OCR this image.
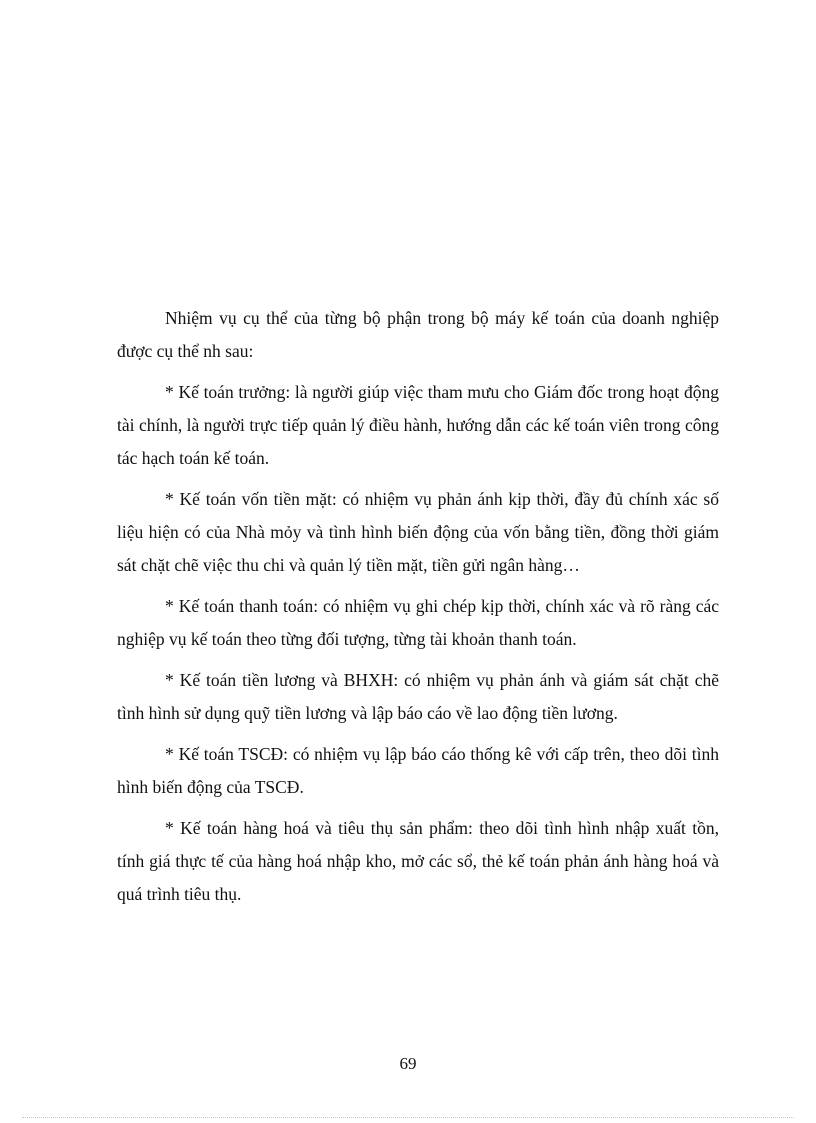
Nhiệm vụ cụ thể của từng bộ phận trong bộ máy kế toán của doanh nghiệp được cụ thể nh sau:

* Kế toán trưởng: là người giúp việc tham mưu cho Giám đốc trong hoạt động tài chính, là người trực tiếp quản lý điều hành, hướng dẫn các kế toán viên trong công tác hạch toán kế toán.

* Kế toán vốn tiền mặt: có nhiệm vụ phản ánh kịp thời, đầy đủ chính xác số liệu hiện có của Nhà mỏy và tình hình biến động của vốn bằng tiền, đồng thời giám sát chặt chẽ việc thu chi và quản lý tiền mặt, tiền gửi ngân hàng…

* Kế toán thanh toán: có nhiệm vụ ghi chép kịp thời, chính xác và rõ ràng các nghiệp vụ kế toán theo từng đối tượng, từng tài khoản thanh toán.

* Kế toán tiền lương và BHXH: có nhiệm vụ phản ánh và giám sát chặt chẽ tình hình sử dụng quỹ tiền lương và lập báo cáo về lao động tiền lương.

* Kế toán TSCĐ: có nhiệm vụ lập báo cáo thống kê với cấp trên, theo dõi tình hình biến động của TSCĐ.

* Kế toán hàng hoá và tiêu thụ sản phẩm: theo dõi tình hình nhập xuất tồn, tính giá thực tế của hàng hoá nhập kho, mở các sổ, thẻ kế toán phản ánh hàng hoá và quá trình tiêu thụ.

69
